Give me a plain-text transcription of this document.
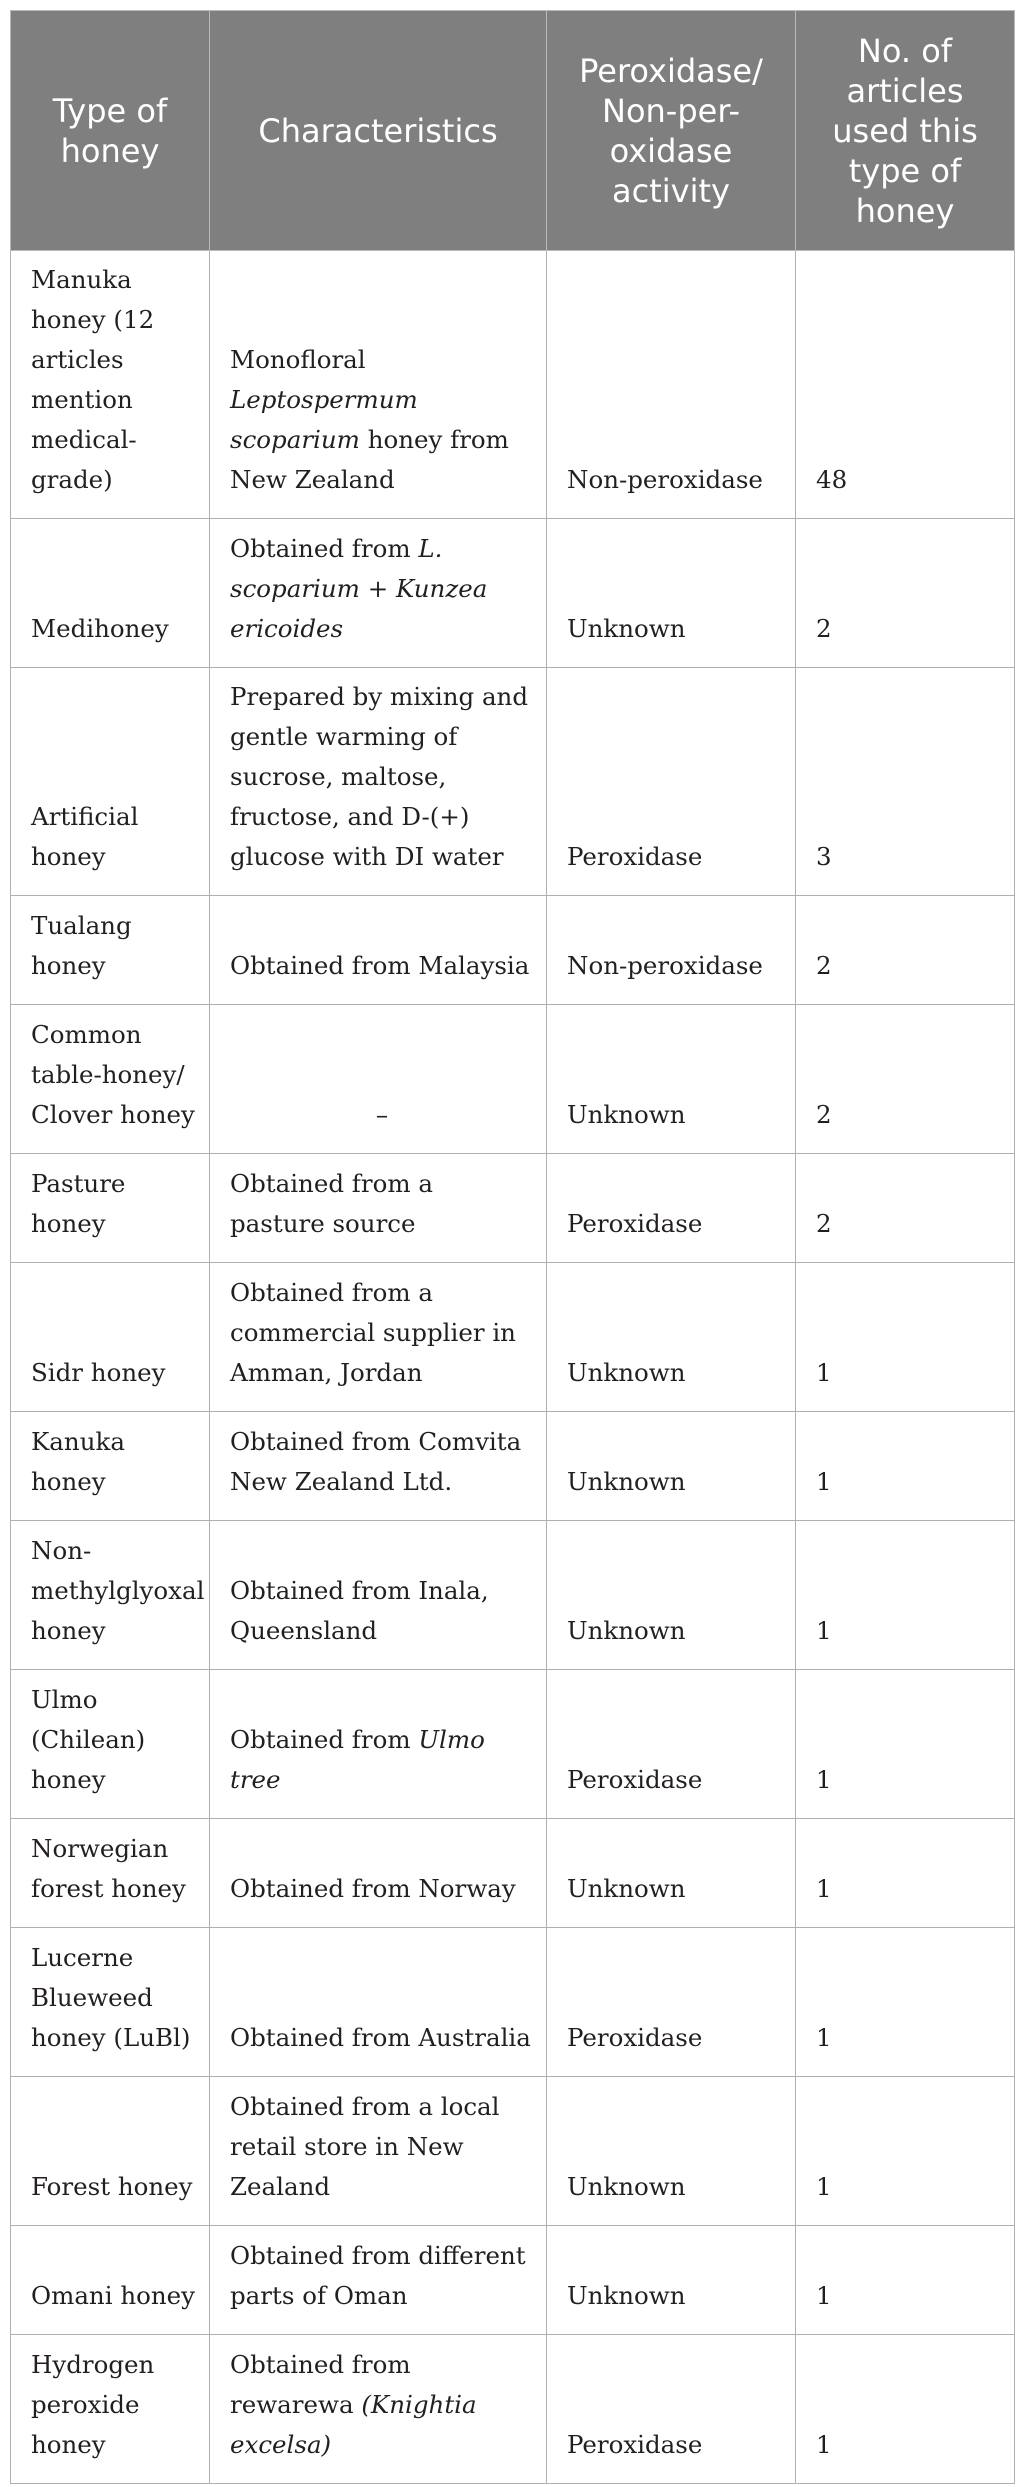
Type of honey	Characteristics	Peroxidase/ Non-per-oxidase activity	No. of articles used this type of honey
Manuka honey (12 articles mention medical-grade)	Monofloral Leptospermum scoparium honey from New Zealand	Non-peroxidase	48
Medihoney	Obtained from L. scoparium + Kunzea ericoides	Unknown	2
Artificial honey	Prepared by mixing and gentle warming of sucrose, maltose, fructose, and D-(+) glucose with DI water	Peroxidase	3
Tualang honey	Obtained from Malaysia	Non-peroxidase	2
Common table-honey/ Clover honey	–	Unknown	2
Pasture honey	Obtained from a pasture source	Peroxidase	2
Sidr honey	Obtained from a commercial supplier in Amman, Jordan	Unknown	1
Kanuka honey	Obtained from Comvita New Zealand Ltd.	Unknown	1
Non-methylglyoxal honey	Obtained from Inala, Queensland	Unknown	1
Ulmo (Chilean) honey	Obtained from Ulmo tree	Peroxidase	1
Norwegian forest honey	Obtained from Norway	Unknown	1
Lucerne Blueweed honey (LuBl)	Obtained from Australia	Peroxidase	1
Forest honey	Obtained from a local retail store in New Zealand	Unknown	1
Omani honey	Obtained from different parts of Oman	Unknown	1
Hydrogen peroxide honey	Obtained from rewarewa (Knightia excelsa)	Peroxidase	1
